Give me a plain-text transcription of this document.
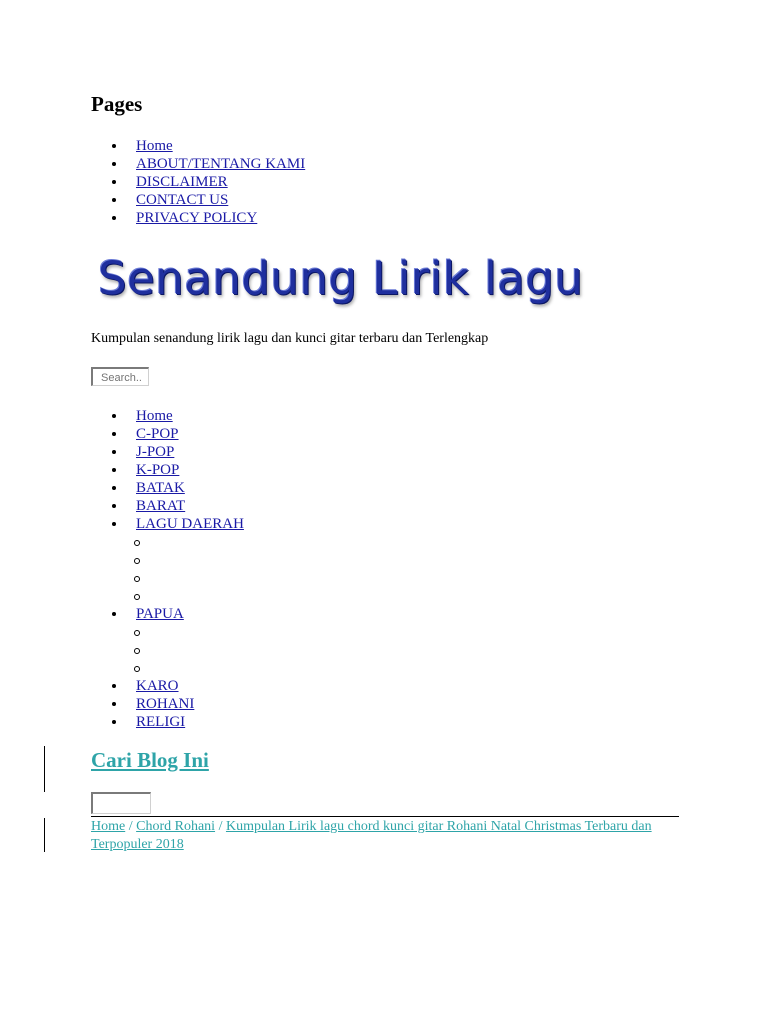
Pages
Home
ABOUT/TENTANG KAMI
DISCLAIMER
CONTACT US
PRIVACY POLICY
Senandung Lirik lagu

Kumpulan senandung lirik lagu dan kunci gitar terbaru dan Terlengkap

Search..
Home
C-POP
J-POP
K-POP
BATAK
BARAT
LAGU DAERAH
PAPUA
KARO
ROHANI
RELIGI
Cari Blog Ini
Home / Chord Rohani / Kumpulan Lirik lagu chord kunci gitar Rohani Natal Christmas Terbaru dan Terpopuler 2018
